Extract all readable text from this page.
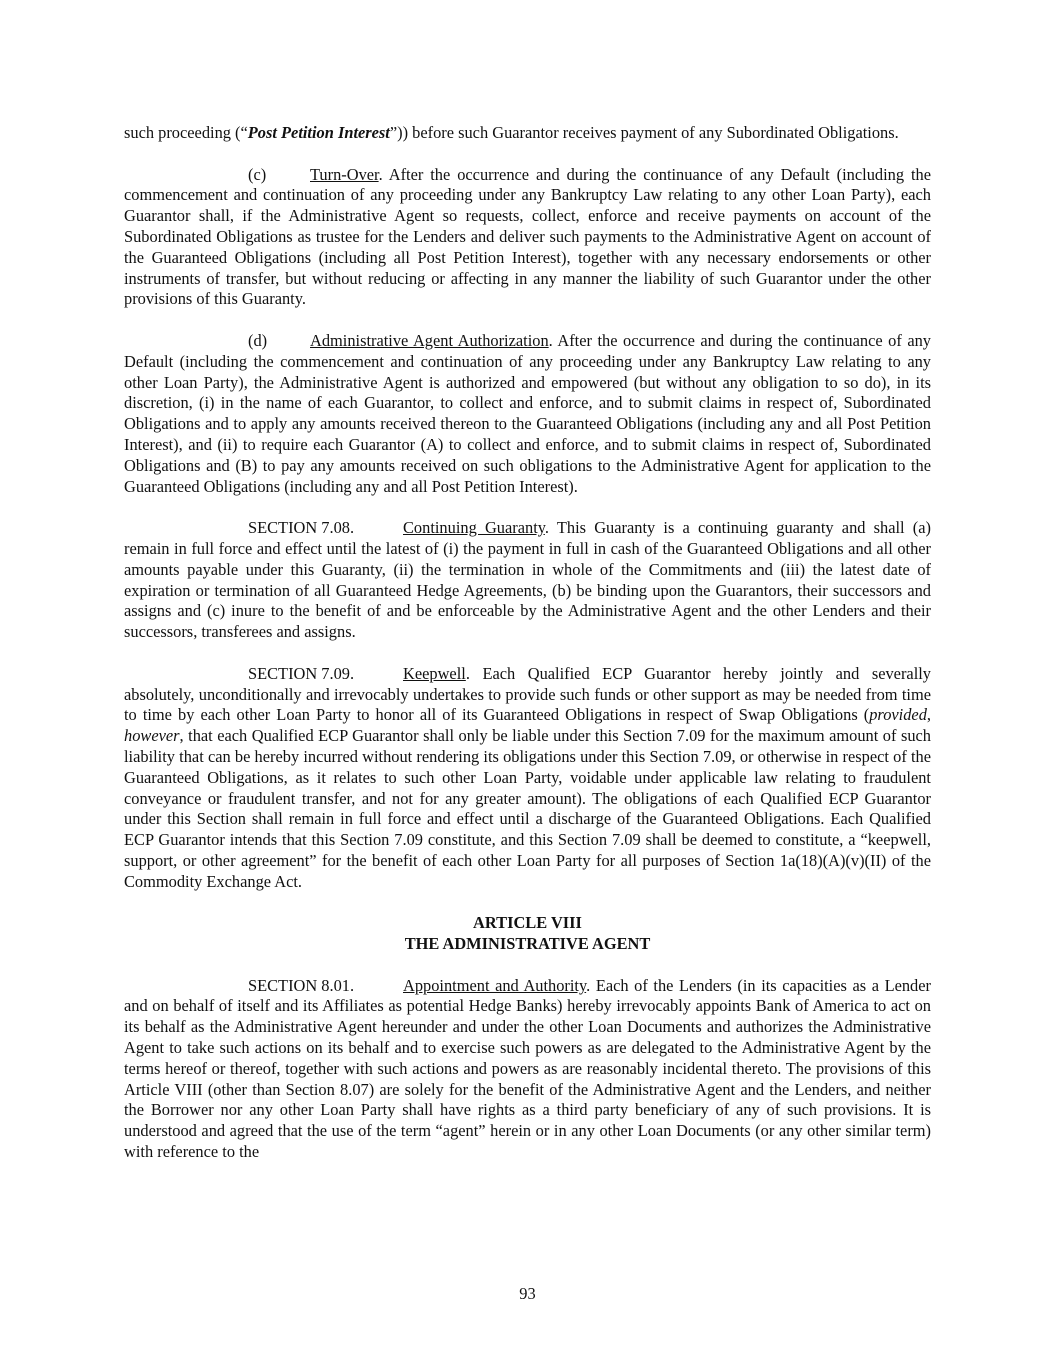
such proceeding (“Post Petition Interest”)) before such Guarantor receives payment of any Subordinated Obligations.

(c)	Turn-Over. After the occurrence and during the continuance of any Default (including the commencement and continuation of any proceeding under any Bankruptcy Law relating to any other Loan Party), each Guarantor shall, if the Administrative Agent so requests, collect, enforce and receive payments on account of the Subordinated Obligations as trustee for the Lenders and deliver such payments to the Administrative Agent on account of the Guaranteed Obligations (including all Post Petition Interest), together with any necessary endorsements or other instruments of transfer, but without reducing or affecting in any manner the liability of such Guarantor under the other provisions of this Guaranty.

(d)	Administrative Agent Authorization. After the occurrence and during the continuance of any Default (including the commencement and continuation of any proceeding under any Bankruptcy Law relating to any other Loan Party), the Administrative Agent is authorized and empowered (but without any obligation to so do), in its discretion, (i) in the name of each Guarantor, to collect and enforce, and to submit claims in respect of, Subordinated Obligations and to apply any amounts received thereon to the Guaranteed Obligations (including any and all Post Petition Interest), and (ii) to require each Guarantor (A) to collect and enforce, and to submit claims in respect of, Subordinated Obligations and (B) to pay any amounts received on such obligations to the Administrative Agent for application to the Guaranteed Obligations (including any and all Post Petition Interest).

SECTION 7.08.	Continuing Guaranty. This Guaranty is a continuing guaranty and shall (a) remain in full force and effect until the latest of (i) the payment in full in cash of the Guaranteed Obligations and all other amounts payable under this Guaranty, (ii) the termination in whole of the Commitments and (iii) the latest date of expiration or termination of all Guaranteed Hedge Agreements, (b) be binding upon the Guarantors, their successors and assigns and (c) inure to the benefit of and be enforceable by the Administrative Agent and the other Lenders and their successors, transferees and assigns.

SECTION 7.09.	Keepwell. Each Qualified ECP Guarantor hereby jointly and severally absolutely, unconditionally and irrevocably undertakes to provide such funds or other support as may be needed from time to time by each other Loan Party to honor all of its Guaranteed Obligations in respect of Swap Obligations (provided, however, that each Qualified ECP Guarantor shall only be liable under this Section 7.09 for the maximum amount of such liability that can be hereby incurred without rendering its obligations under this Section 7.09, or otherwise in respect of the Guaranteed Obligations, as it relates to such other Loan Party, voidable under applicable law relating to fraudulent conveyance or fraudulent transfer, and not for any greater amount). The obligations of each Qualified ECP Guarantor under this Section shall remain in full force and effect until a discharge of the Guaranteed Obligations. Each Qualified ECP Guarantor intends that this Section 7.09 constitute, and this Section 7.09 shall be deemed to constitute, a “keepwell, support, or other agreement” for the benefit of each other Loan Party for all purposes of Section 1a(18)(A)(v)(II) of the Commodity Exchange Act.

ARTICLE VIII
THE ADMINISTRATIVE AGENT

SECTION 8.01.	Appointment and Authority. Each of the Lenders (in its capacities as a Lender and on behalf of itself and its Affiliates as potential Hedge Banks) hereby irrevocably appoints Bank of America to act on its behalf as the Administrative Agent hereunder and under the other Loan Documents and authorizes the Administrative Agent to take such actions on its behalf and to exercise such powers as are delegated to the Administrative Agent by the terms hereof or thereof, together with such actions and powers as are reasonably incidental thereto. The provisions of this Article VIII (other than Section 8.07) are solely for the benefit of the Administrative Agent and the Lenders, and neither the Borrower nor any other Loan Party shall have rights as a third party beneficiary of any of such provisions. It is understood and agreed that the use of the term “agent” herein or in any other Loan Documents (or any other similar term) with reference to the

93
